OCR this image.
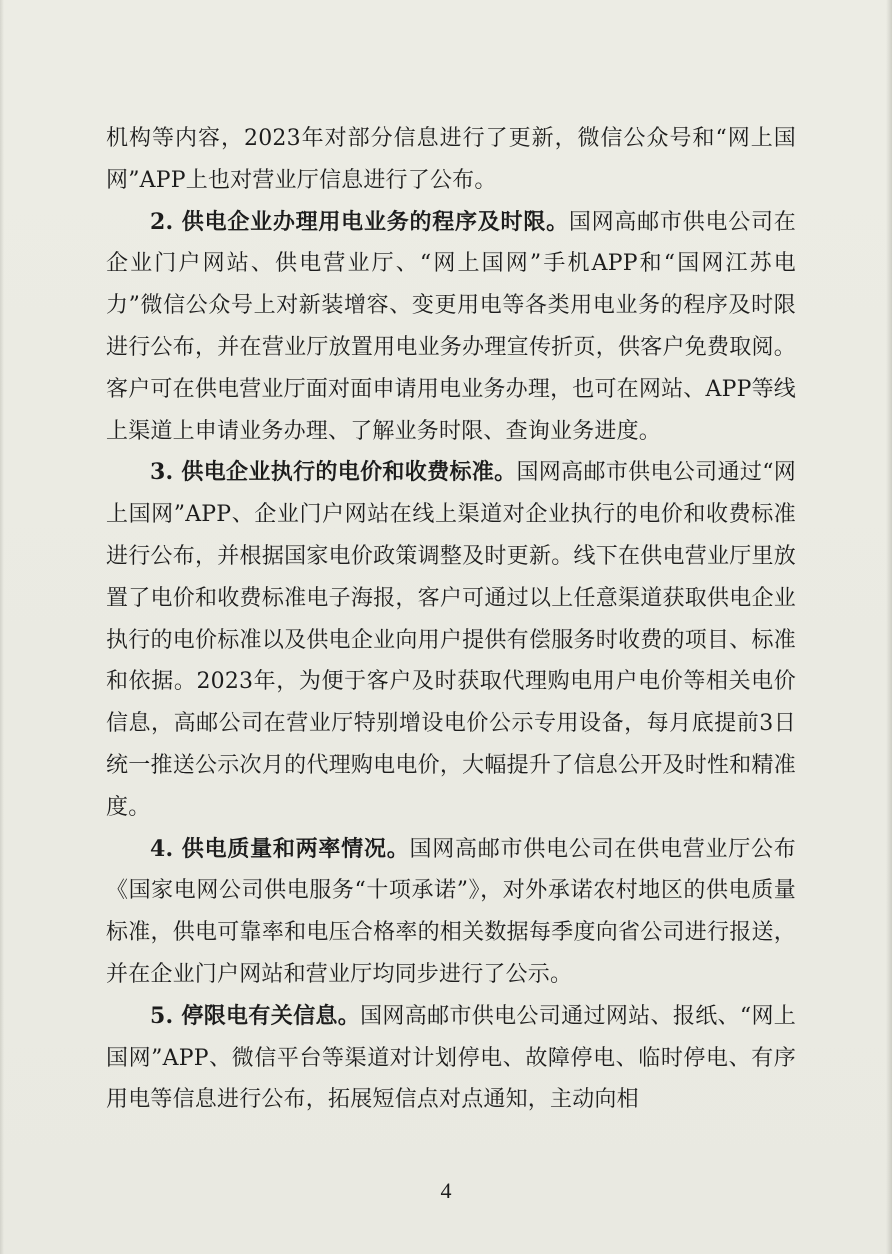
机构等内容，2023年对部分信息进行了更新，微信公众号和“网上国网”APP上也对营业厅信息进行了公布。

2. 供电企业办理用电业务的程序及时限。国网高邮市供电公司在企业门户网站、供电营业厅、“网上国网”手机APP和“国网江苏电力”微信公众号上对新装增容、变更用电等各类用电业务的程序及时限进行公布，并在营业厅放置用电业务办理宣传折页，供客户免费取阅。客户可在供电营业厅面对面申请用电业务办理，也可在网站、APP等线上渠道上申请业务办理、了解业务时限、查询业务进度。

3. 供电企业执行的电价和收费标准。国网高邮市供电公司通过“网上国网”APP、企业门户网站在线上渠道对企业执行的电价和收费标准进行公布，并根据国家电价政策调整及时更新。线下在供电营业厅里放置了电价和收费标准电子海报，客户可通过以上任意渠道获取供电企业执行的电价标准以及供电企业向用户提供有偿服务时收费的项目、标准和依据。2023年，为便于客户及时获取代理购电用户电价等相关电价信息，高邮公司在营业厅特别增设电价公示专用设备，每月底提前3日统一推送公示次月的代理购电电价，大幅提升了信息公开及时性和精准度。

4. 供电质量和两率情况。国网高邮市供电公司在供电营业厅公布《国家电网公司供电服务“十项承诺”》，对外承诺农村地区的供电质量标准，供电可靠率和电压合格率的相关数据每季度向省公司进行报送，并在企业门户网站和营业厅均同步进行了公示。

5. 停限电有关信息。国网高邮市供电公司通过网站、报纸、“网上国网”APP、微信平台等渠道对计划停电、故障停电、临时停电、有序用电等信息进行公布，拓展短信点对点通知，主动向相

4
